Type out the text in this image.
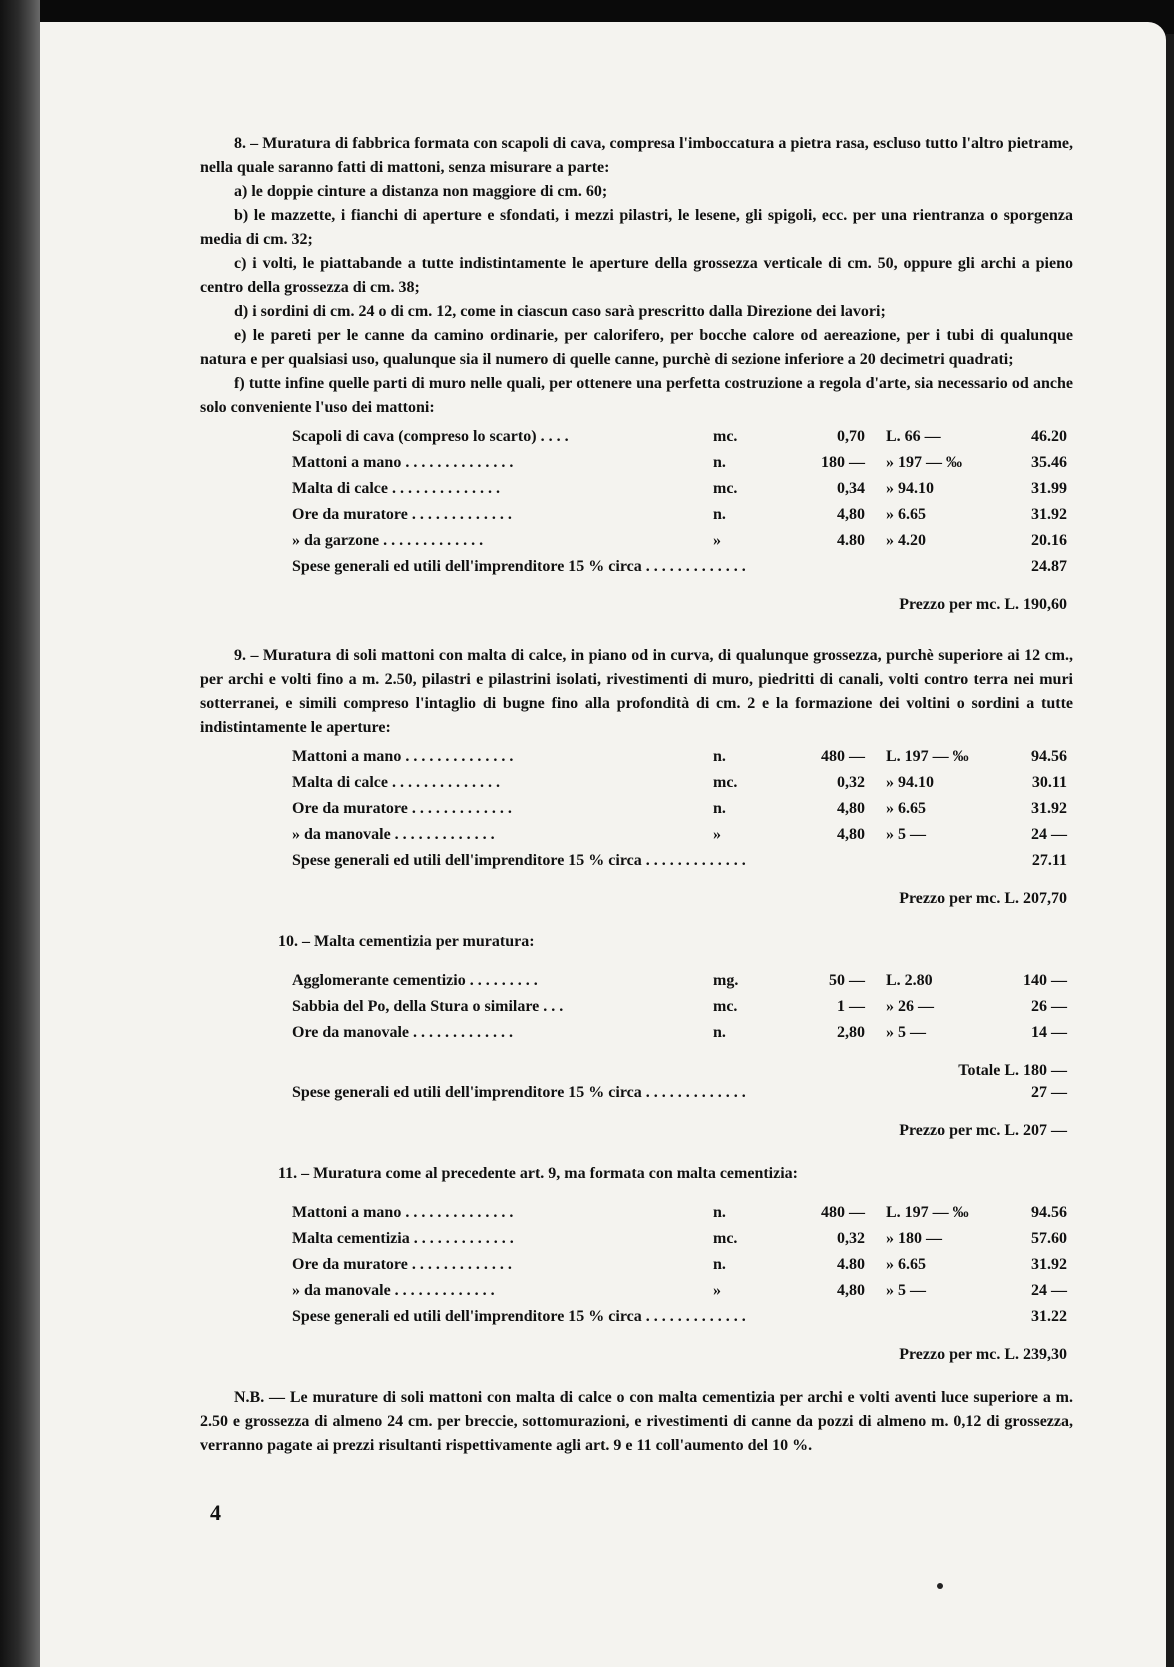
8. – Muratura di fabbrica formata con scapoli di cava, compresa l'imboccatura a pietra rasa, escluso tutto l'altro pietrame, nella quale saranno fatti di mattoni, senza misurare a parte:

a) le doppie cinture a distanza non maggiore di cm. 60;

b) le mazzette, i fianchi di aperture e sfondati, i mezzi pilastri, le lesene, gli spigoli, ecc. per una rientranza o sporgenza media di cm. 32;

c) i volti, le piattabande a tutte indistintamente le aperture della grossezza verticale di cm. 50, oppure gli archi a pieno centro della grossezza di cm. 38;

d) i sordini di cm. 24 o di cm. 12, come in ciascun caso sarà prescritto dalla Direzione dei lavori;

e) le pareti per le canne da camino ordinarie, per calorifero, per bocche calore od aereazione, per i tubi di qualunque natura e per qualsiasi uso, qualunque sia il numero di quelle canne, purchè di sezione inferiore a 20 decimetri quadrati;

f) tutte infine quelle parti di muro nelle quali, per ottenere una perfetta costruzione a regola d'arte, sia necessario od anche solo conveniente l'uso dei mattoni:

Scapoli di cava (compreso lo scarto) . . . .	mc.	0,70 L. 66 —	46.20
Mattoni a mano . . . . . . . . . . . . . .	n.	180 — » 197 — ‰	35.46
Malta di calce . . . . . . . . . . . . . .	mc.	0,34 » 94.10	31.99
Ore da muratore . . . . . . . . . . . . .	n.	4,80 » 6.65	31.92
» da garzone . . . . . . . . . . . . .	»	4.80 » 4.20	20.16
Spese generali ed utili dell'imprenditore 15 % circa . . . . . . . . . . . . .	24.87
Prezzo per mc. L. 190,60

9. – Muratura di soli mattoni con malta di calce, in piano od in curva, di qualunque grossezza, purchè superiore ai 12 cm., per archi e volti fino a m. 2.50, pilastri e pilastrini isolati, rivestimenti di muro, piedritti di canali, volti contro terra nei muri sotterranei, e simili compreso l'intaglio di bugne fino alla profondità di cm. 2 e la formazione dei voltini o sordini a tutte indistintamente le aperture:

Mattoni a mano . . . . . . . . . . . . . .	n.	480 — L. 197 — ‰	94.56
Malta di calce . . . . . . . . . . . . . .	mc.	0,32 » 94.10	30.11
Ore da muratore . . . . . . . . . . . . .	n.	4,80 » 6.65	31.92
» da manovale . . . . . . . . . . . . .	»	4,80 » 5 —	24 —
Spese generali ed utili dell'imprenditore 15 % circa . . . . . . . . . . . . .	27.11
Prezzo per mc. L. 207,70
10. – Malta cementizia per muratura:
Agglomerante cementizio . . . . . . . . .	mg.	50 — L. 2.80	140 —
Sabbia del Po, della Stura o similare . . .	mc.	1 — » 26 —	26 —
Ore da manovale . . . . . . . . . . . . .	n.	2,80 » 5 —	14 —
Totale L. 180 —
Spese generali ed utili dell'imprenditore 15 % circa . . . . . . . . . . . . .	27 —
Prezzo per mc. L. 207 —
11. – Muratura come al precedente art. 9, ma formata con malta cementizia:
Mattoni a mano . . . . . . . . . . . . . .	n.	480 — L. 197 — ‰	94.56
Malta cementizia . . . . . . . . . . . . .	mc.	0,32 » 180 —	57.60
Ore da muratore . . . . . . . . . . . . .	n.	4.80 » 6.65	31.92
» da manovale . . . . . . . . . . . . .	»	4,80 » 5 —	24 —
Spese generali ed utili dell'imprenditore 15 % circa . . . . . . . . . . . . .	31.22
Prezzo per mc. L. 239,30

N.B. — Le murature di soli mattoni con malta di calce o con malta cementizia per archi e volti aventi luce superiore a m. 2.50 e grossezza di almeno 24 cm. per breccie, sottomurazioni, e rivestimenti di canne da pozzi di almeno m. 0,12 di grossezza, verranno pagate ai prezzi risultanti rispettivamente agli art. 9 e 11 coll'aumento del 10 %.

4
